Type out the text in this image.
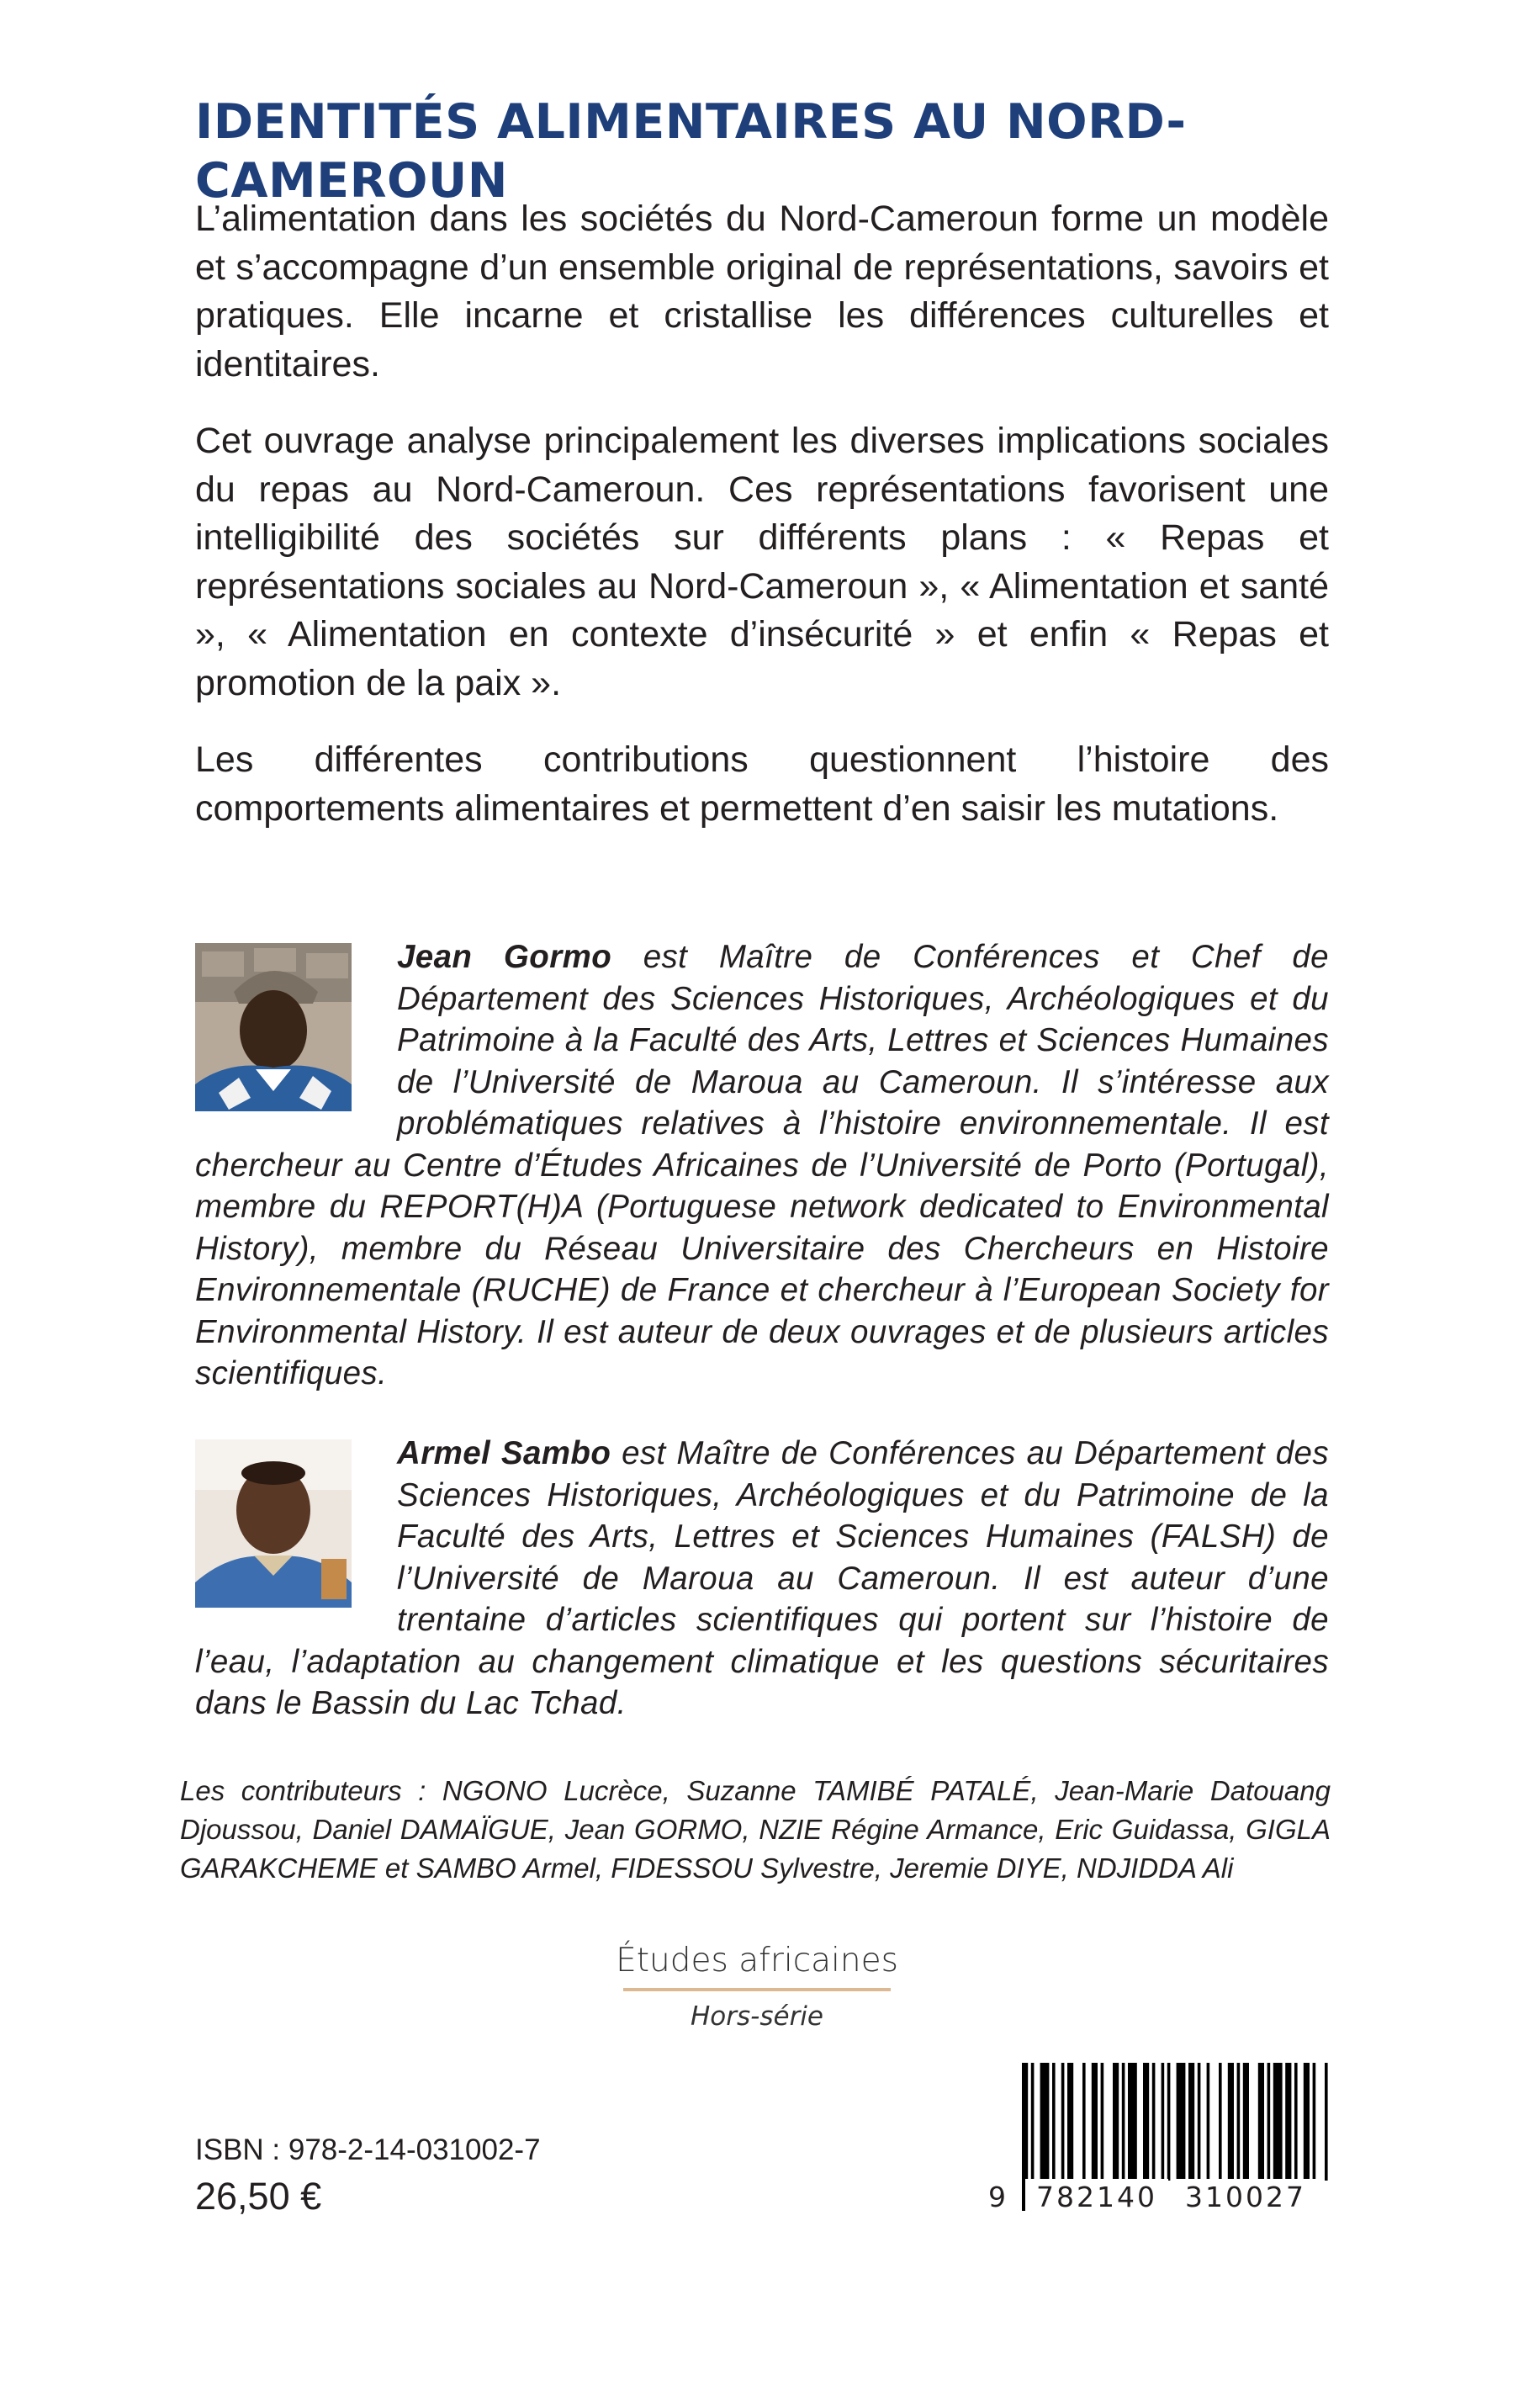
IDENTITÉS ALIMENTAIRES AU NORD-CAMEROUN

L’alimentation dans les sociétés du Nord-Cameroun forme un modèle et s’accompagne d’un ensemble original de représentations, savoirs et pratiques. Elle incarne et cristallise les différences culturelles et identitaires.

Cet ouvrage analyse principalement les diverses implications sociales du repas au Nord-Cameroun. Ces représentations favorisent une intelligibilité des sociétés sur différents plans : « Repas et représentations sociales au Nord-Cameroun », « Alimentation et santé », « Alimentation en contexte d’insécurité » et enfin « Repas et promotion de la paix ».

Les différentes contributions questionnent l’histoire des comportements alimentaires et permettent d’en saisir les mutations.

Jean Gormo est Maître de Conférences et Chef de Département des Sciences Historiques, Archéologiques et du Patrimoine à la Faculté des Arts, Lettres et Sciences Humaines de l’Université de Maroua au Cameroun. Il s’intéresse aux problématiques relatives à l’histoire environnementale. Il est chercheur au Centre d’Études Africaines de l’Université de Porto (Portugal), membre du REPORT(H)A (Portuguese network dedicated to Environmental History), membre du Réseau Universitaire des Chercheurs en Histoire Environnementale (RUCHE) de France et chercheur à l’European Society for Environmental History. Il est auteur de deux ouvrages et de plusieurs articles scientifiques.
Armel Sambo est Maître de Conférences au Département des Sciences Historiques, Archéologiques et du Patrimoine de la Faculté des Arts, Lettres et Sciences Humaines (FALSH) de l’Université de Maroua au Cameroun. Il est auteur d’une trentaine d’articles scientifiques qui portent sur l’histoire de l’eau, l’adaptation au changement climatique et les questions sécuritaires dans le Bassin du Lac Tchad.

Les contributeurs : NGONO Lucrèce, Suzanne TAMIBÉ PATALÉ, Jean-Marie Datouang Djoussou, Daniel DAMAÏGUE, Jean GORMO, NZIE Régine Armance, Eric Guidassa, GIGLA GARAKCHEME et SAMBO Armel, FIDESSOU Sylvestre, Jeremie DIYE, NDJIDDA Ali

Études africaines
Hors-série
ISBN : 978-2-14-031002-7
26,50 €	9	782140	310027
